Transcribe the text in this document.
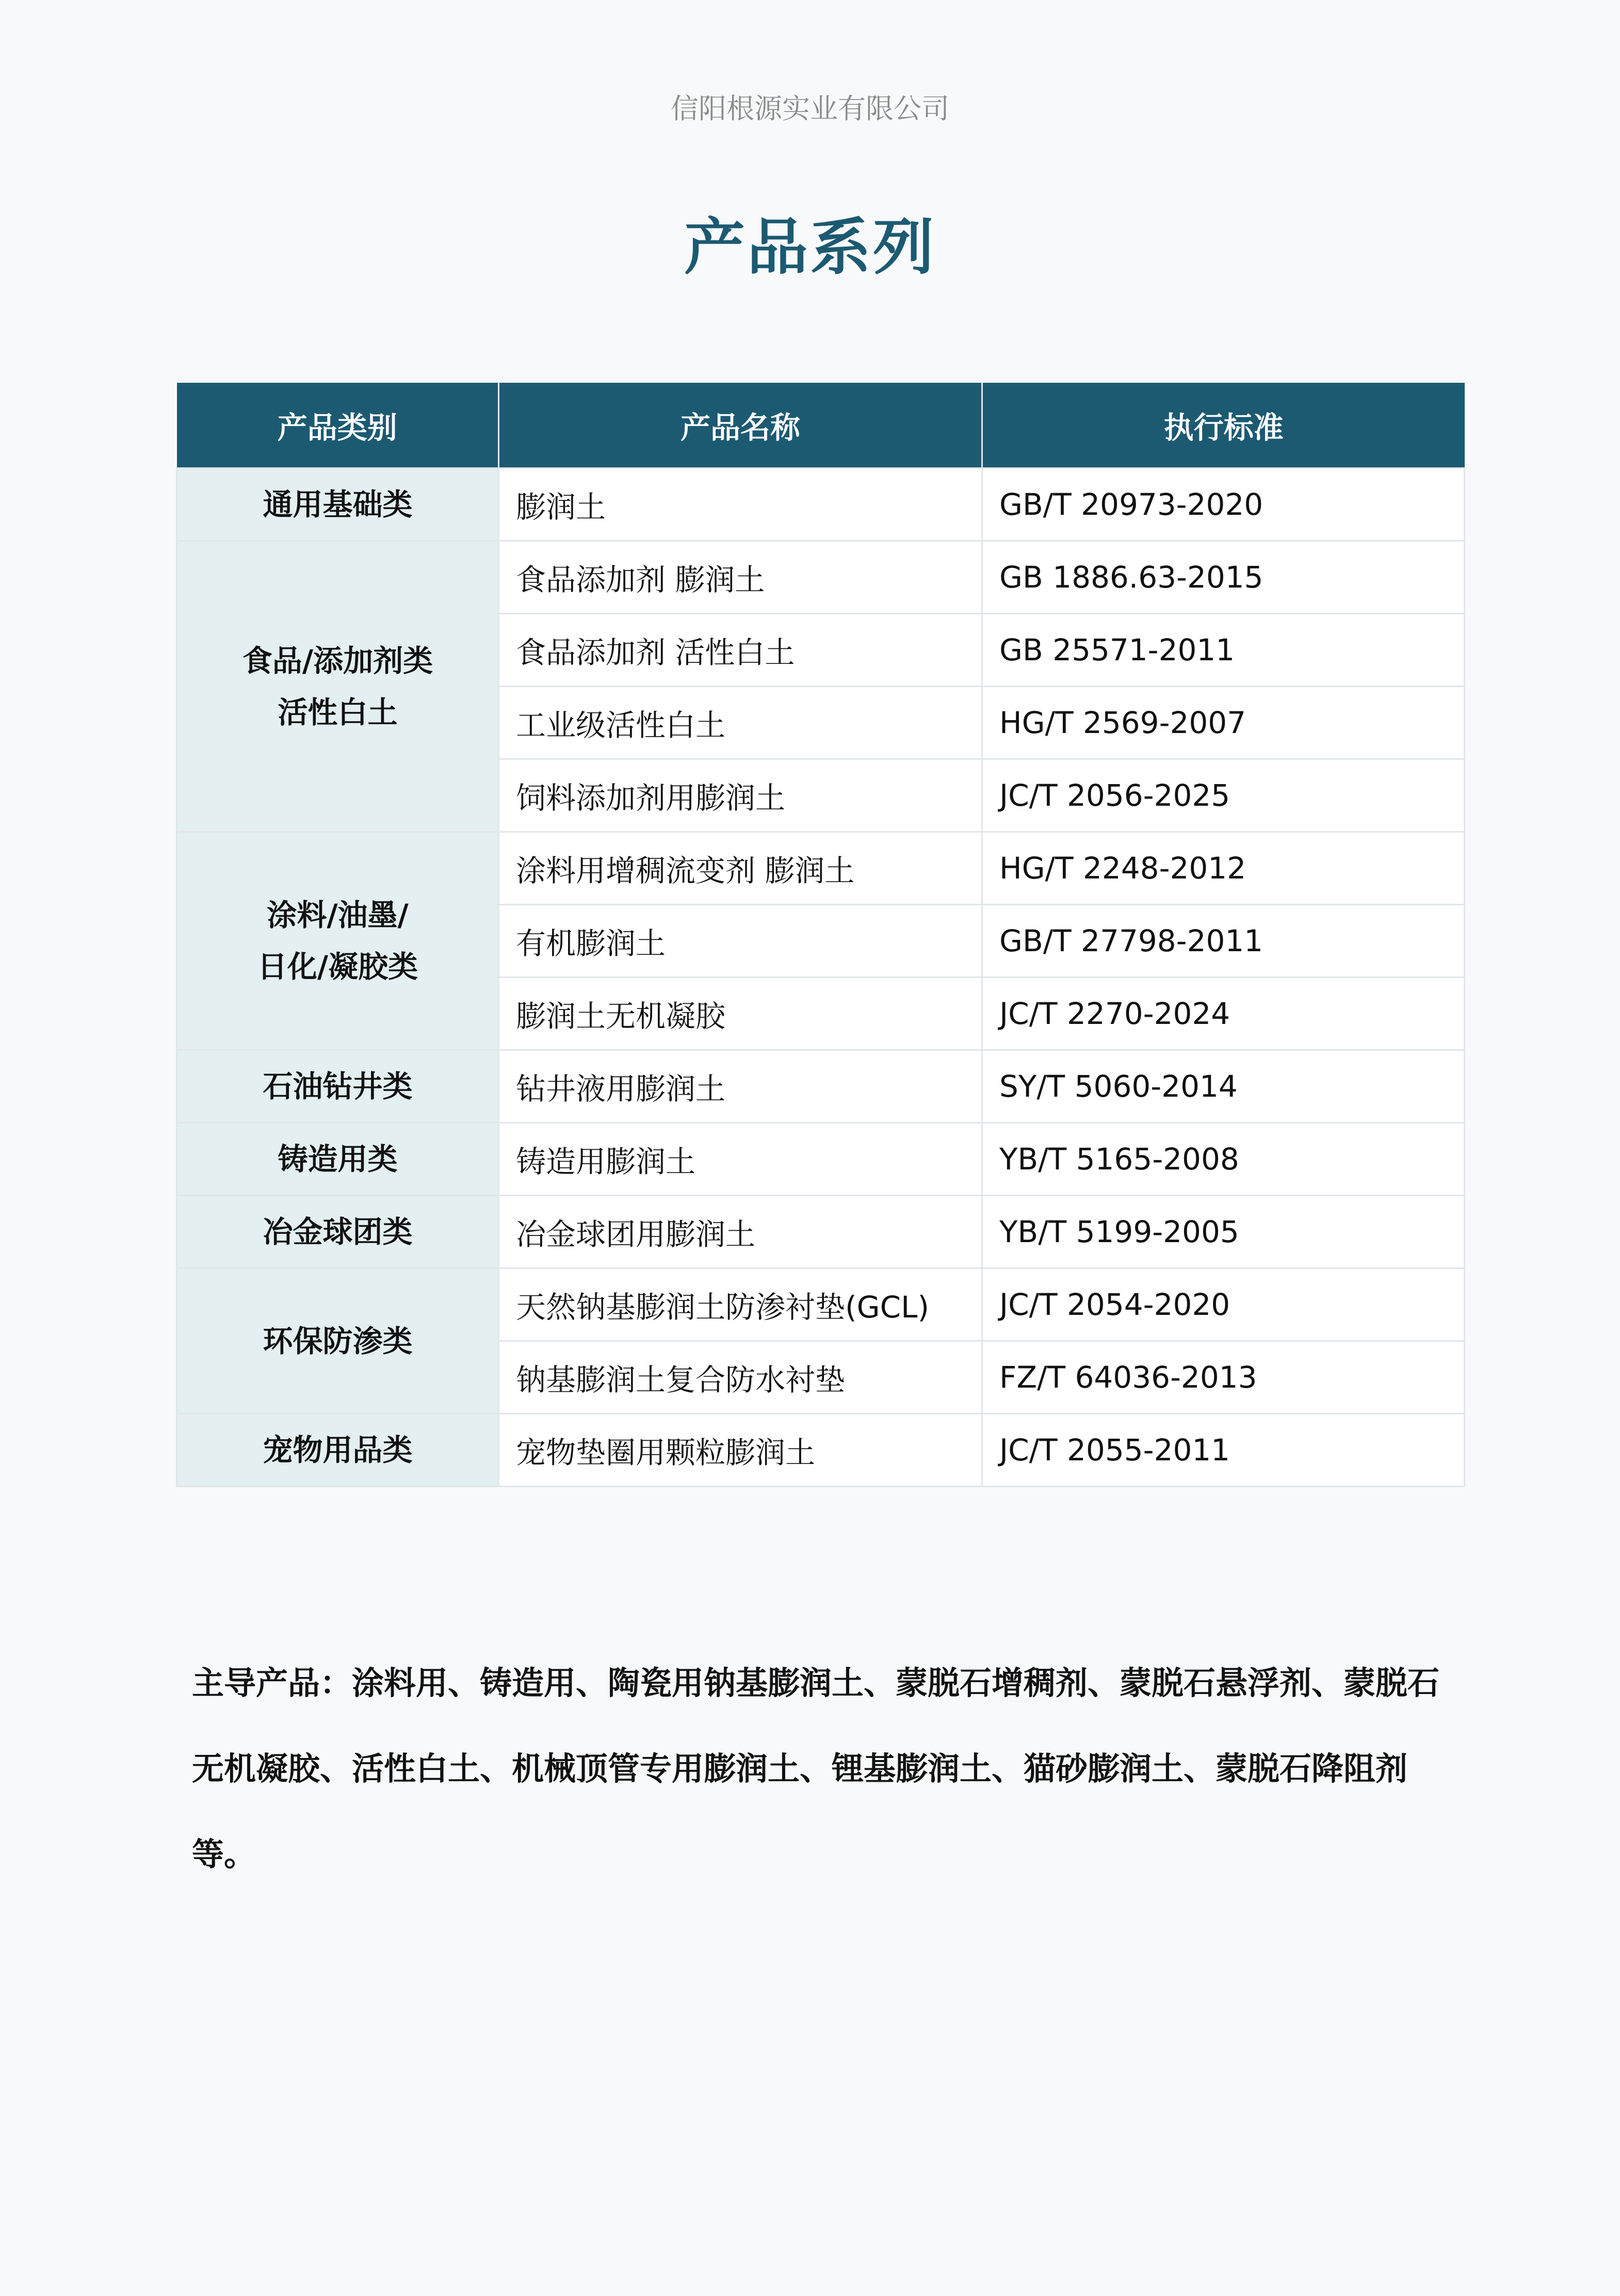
信阳根源实业有限公司
产品系列
产品类别	产品名称	执行标准

通用基础类	膨润土	GB/T 20973-2020

食品/添加剂类
活性白土	食品添加剂 膨润土	GB 1886.63-2015
	食品添加剂 活性白土	GB 25571-2011
	工业级活性白土	HG/T 2569-2007
	饲料添加剂用膨润土	JC/T 2056-2025

涂料/油墨/
日化/凝胶类	涂料用增稠流变剂 膨润土	HG/T 2248-2012
	有机膨润土	GB/T 27798-2011
	膨润土无机凝胶	JC/T 2270-2024

石油钻井类	钻井液用膨润土	SY/T 5060-2014

铸造用类	铸造用膨润土	YB/T 5165-2008

冶金球团类	冶金球团用膨润土	YB/T 5199-2005

环保防渗类	天然钠基膨润土防渗衬垫(GCL)	JC/T 2054-2020
	钠基膨润土复合防水衬垫	FZ/T 64036-2013

宠物用品类	宠物垫圈用颗粒膨润土	JC/T 2055-2011
主导产品：涂料用、铸造用、陶瓷用钠基膨润土、蒙脱石增稠剂、蒙脱石悬浮剂、蒙脱石无机凝胶、活性白土、机械顶管专用膨润土、锂基膨润土、猫砂膨润土、蒙脱石降阻剂等。
